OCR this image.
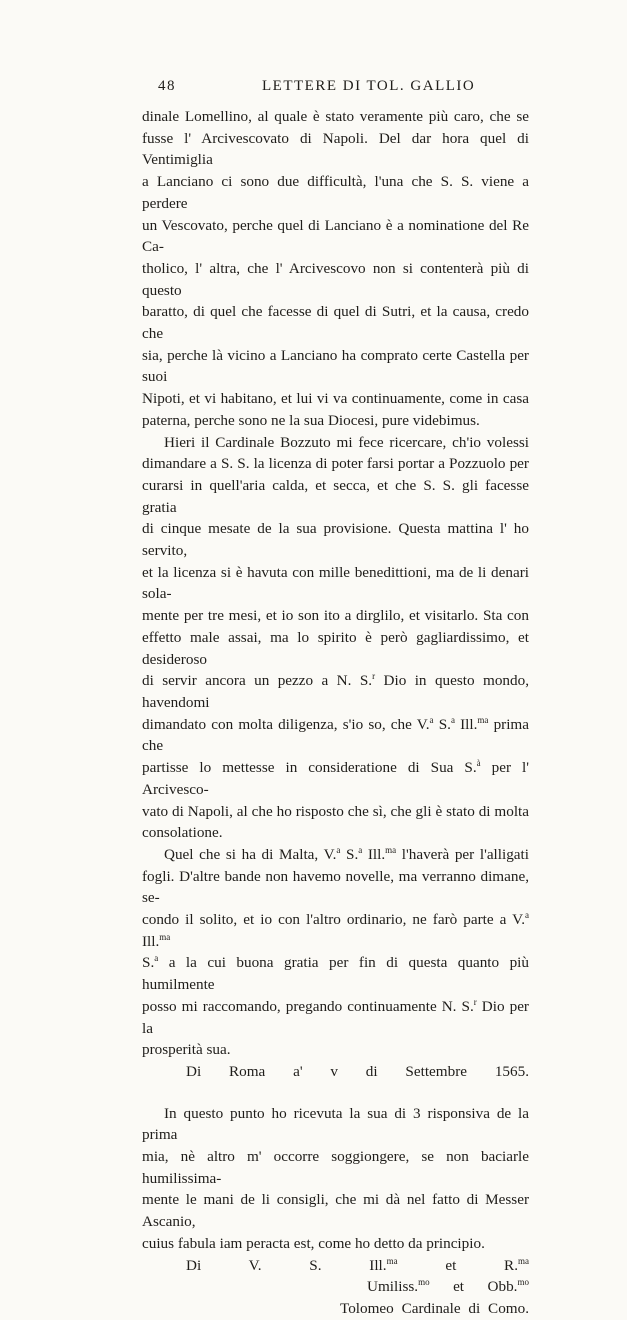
48	LETTERE DI TOL. GALLIO

dinale Lomellino, al quale è stato veramente più caro, che se

fusse l' Arcivescovato di Napoli. Del dar hora quel di Ventimiglia

a Lanciano ci sono due difficultà, l'una che S. S. viene a perdere

un Vescovato, perche quel di Lanciano è a nominatione del Re Ca-

tholico, l' altra, che l' Arcivescovo non si contenterà più di questo

baratto, di quel che facesse di quel di Sutri, et la causa, credo che

sia, perche là vicino a Lanciano ha comprato certe Castella per suoi

Nipoti, et vi habitano, et lui vi va continuamente, come in casa

paterna, perche sono ne la sua Diocesi, pure videbimus.

Hieri il Cardinale Bozzuto mi fece ricercare, ch'io volessi

dimandare a S. S. la licenza di poter farsi portar a Pozzuolo per

curarsi in quell'aria calda, et secca, et che S. S. gli facesse gratia

di cinque mesate de la sua provisione. Questa mattina l' ho servito,

et la licenza si è havuta con mille benedittioni, ma de li denari sola-

mente per tre mesi, et io son ito a dirglilo, et visitarlo. Sta con

effetto male assai, ma lo spirito è però gagliardissimo, et desideroso

di servir ancora un pezzo a N. S.$^r$ Dio in questo mondo, havendomi

dimandato con molta diligenza, s'io so, che V.$^a$ S.$^a$ Ill.$^{ma}$ prima che

partisse lo mettesse in consideratione di Sua S.$^à$ per l' Arcivesco-

vato di Napoli, al che ho risposto che sì, che gli è stato di molta

consolatione.

Quel che si ha di Malta, V.$^a$ S.$^a$ Ill.$^{ma}$ l'haverà per l'alligati

fogli. D'altre bande non havemo novelle, ma verranno dimane, se-

condo il solito, et io con l'altro ordinario, ne farò parte a V.$^a$ Ill.$^{ma}$

S.$^a$ a la cui buona gratia per fin di questa quanto più humilmente

posso mi raccomando, pregando continuamente N. S.$^r$ Dio per la

prosperità sua.

Di Roma a' v di Settembre 1565.

In questo punto ho ricevuta la sua di 3 risponsiva de la prima

mia, nè altro m' occorre soggiongere, se non baciarle humilissima-

mente le mani de li consigli, che mi dà nel fatto di Messer Ascanio,

cuius fabula iam peracta est, come ho detto da principio.

Di V. S. Ill.$^{ma}$ et R.$^{ma}$

Umiliss.$^{mo}$ et Obb.$^{mo}$

Tolomeo Cardinale di Como.
